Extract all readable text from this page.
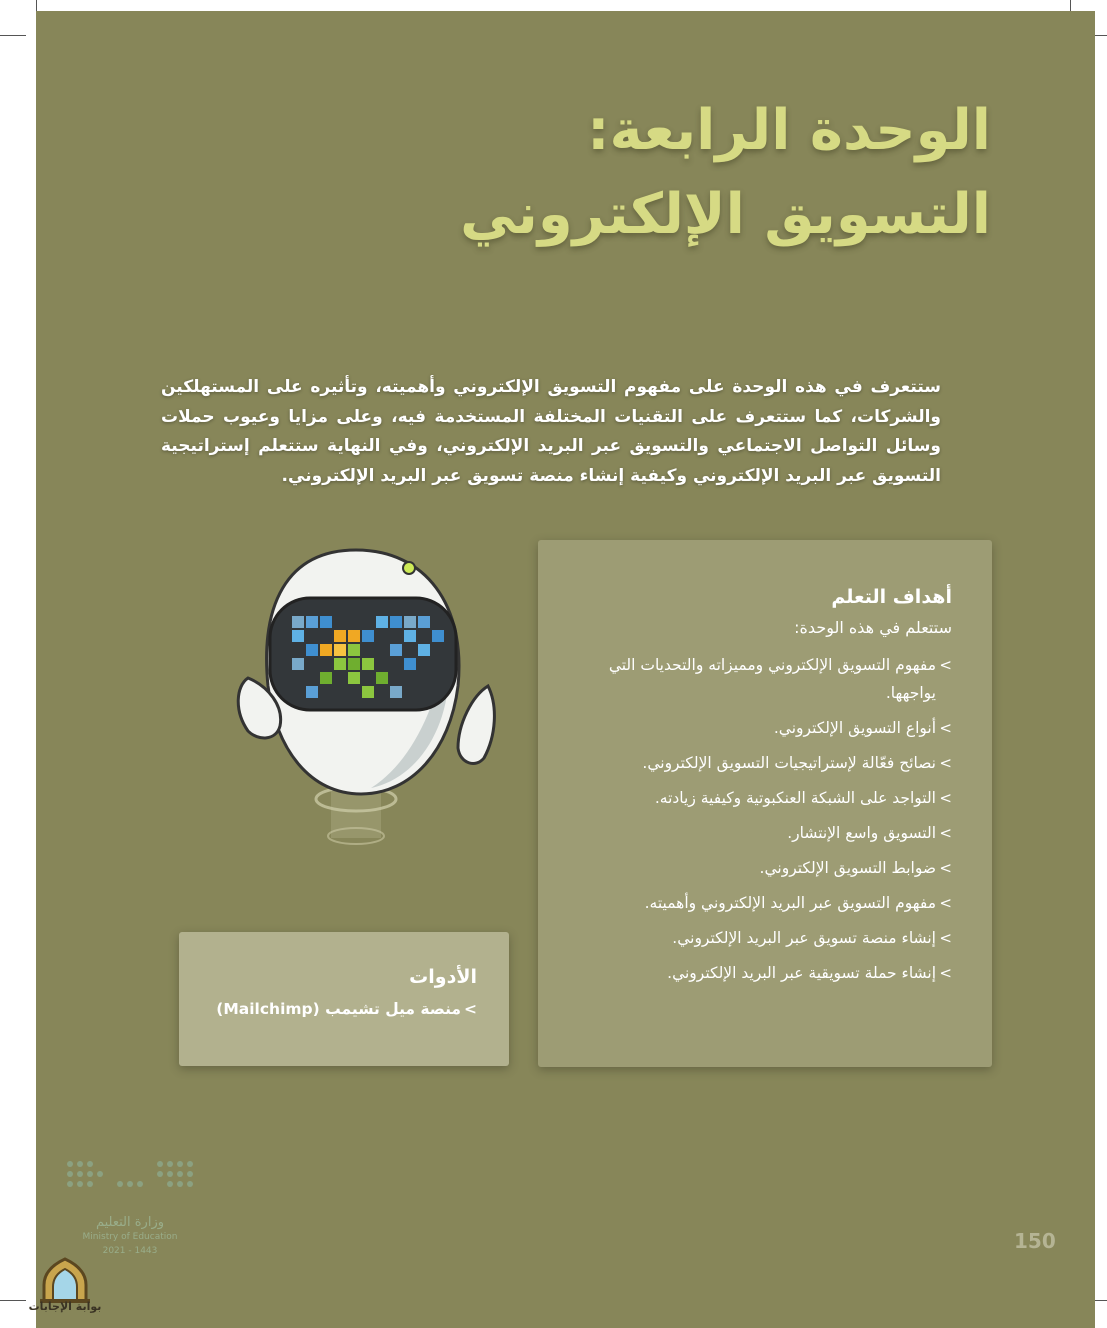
الوحدة الرابعة:
التسويق الإلكتروني
ستتعرف في هذه الوحدة على مفهوم التسويق الإلكتروني وأهميته، وتأثيره على المستهلكين والشركات، كما ستتعرف على التقنيات المختلفة المستخدمة فيه، وعلى مزايا وعيوب حملات وسائل التواصل الاجتماعي والتسويق عبر البريد الإلكتروني، وفي النهاية ستتعلم إستراتيجية التسويق عبر البريد الإلكتروني وكيفية إنشاء منصة تسويق عبر البريد الإلكتروني.
أهداف التعلم
ستتعلم في هذه الوحدة:
> مفهوم التسويق الإلكتروني ومميزاته والتحديات التي يواجهها.
> أنواع التسويق الإلكتروني.
> نصائح فعّالة لإستراتيجيات التسويق الإلكتروني.
> التواجد على الشبكة العنكبوتية وكيفية زيادته.
> التسويق واسع الإنتشار.
> ضوابط التسويق الإلكتروني.
> مفهوم التسويق عبر البريد الإلكتروني وأهميته.
> إنشاء منصة تسويق عبر البريد الإلكتروني.
> إنشاء حملة تسويقية عبر البريد الإلكتروني.
الأدوات
> منصة ميل تشيمب (Mailchimp)
150
وزارة التعليم
Ministry of Education
2021 - 1443
بوابة الإجابات
